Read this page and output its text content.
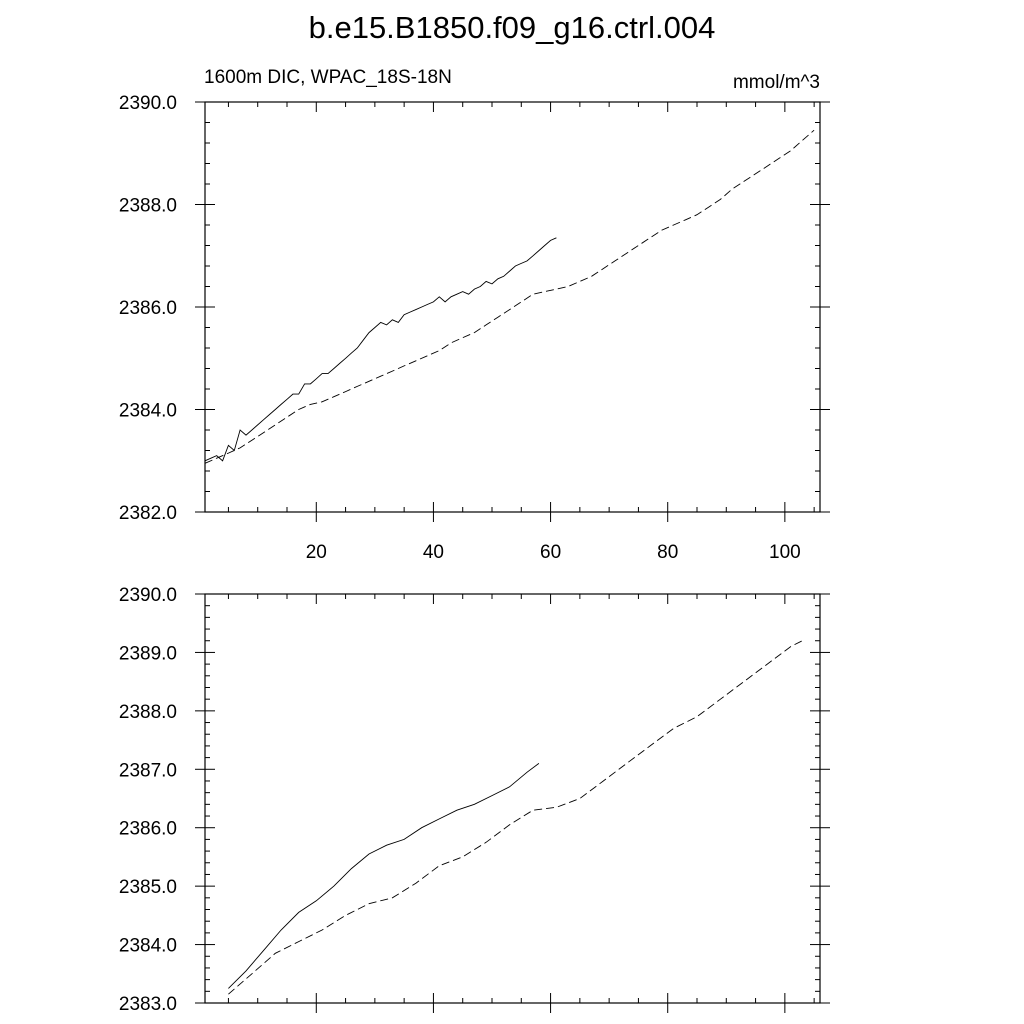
b.e15.B1850.f09_g16.ctrl.004
1600m DIC, WPAC_18S-18N	mmol/m^3
20	40	60	80	100
2382.0
2384.0
2386.0
2388.0
2390.0
2383.0
2384.0
2385.0
2386.0
2387.0
2388.0
2389.0
2390.0
